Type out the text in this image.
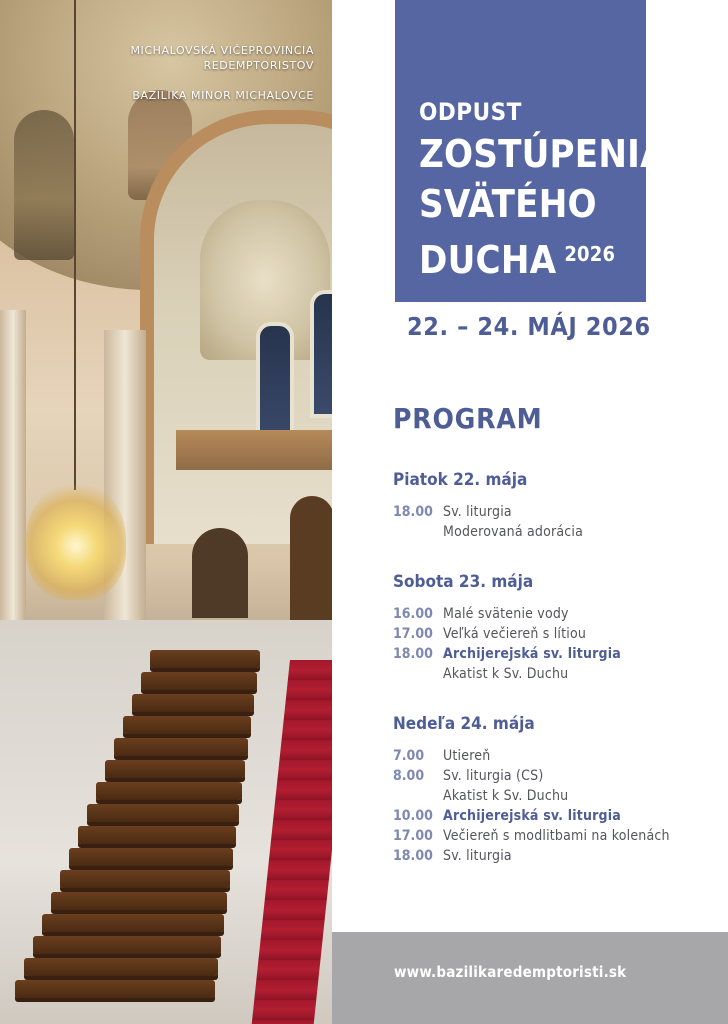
MICHALOVSKÁ VIČEPROVINCIA
REDEMPTORISTOV
BAZILIKA MINOR MICHALOVCE
ODPUST
ZOSTÚPENIA
SVÄTÉHO
DUCHA $^{2026}$
22. – 24. MÁJ 2026
PROGRAM
Piatok 22. mája
18.00 Sv. liturgia
Moderovaná adorácia
Sobota 23. mája
16.00 Malé svätenie vody
17.00 Veľká večiereň s lítiou
18.00 Archijerejská sv. liturgia
Akatist k Sv. Duchu
Nedeľa 24. mája
7.00 Utiereň
8.00 Sv. liturgia (CS)
Akatist k Sv. Duchu
10.00 Archijerejská sv. liturgia
17.00 Večiereň s modlitbami na kolenách
18.00 Sv. liturgia
www.bazilikaredemptoristi.sk
